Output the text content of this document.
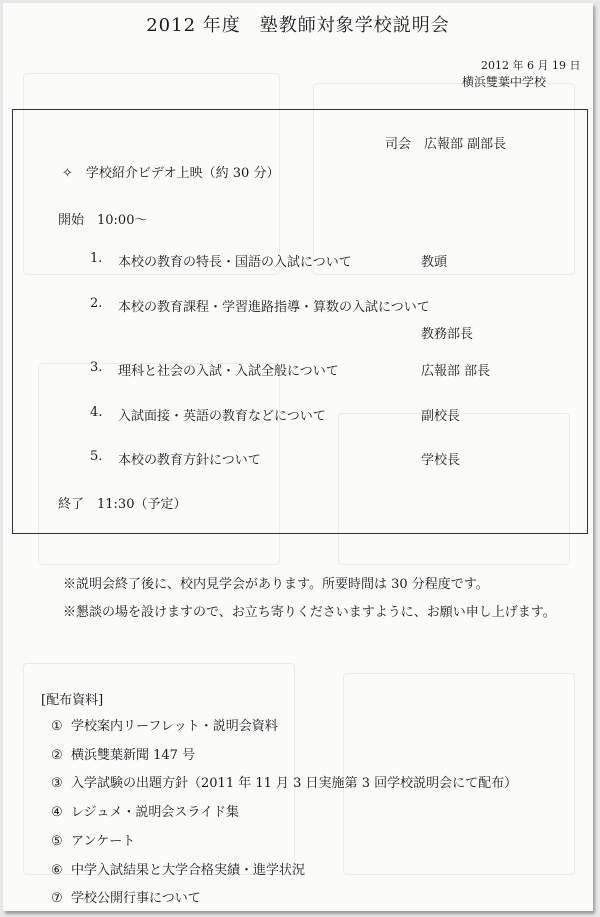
2012 年度　塾教師対象学校説明会
2012 年 6 月 19 日
横浜雙葉中学校
司会　広報部 副部長
✧　学校紹介ビデオ上映（約 30 分）
開始　10:00～
1. 本校の教育の特長・国語の入試について	教頭
2. 本校の教育課程・学習進路指導・算数の入試について
教務部長
3. 理科と社会の入試・入試全般について	広報部 部長
4. 入試面接・英語の教育などについて	副校長
5. 本校の教育方針について	学校長
終了　11:30（予定）
※説明会終了後に、校内見学会があります。所要時間は 30 分程度です。
※懇談の場を設けますので、お立ち寄りくださいますように、お願い申し上げます。
[配布資料]
① 学校案内リーフレット・説明会資料
② 横浜雙葉新聞 147 号
③ 入学試験の出題方針（2011 年 11 月 3 日実施第 3 回学校説明会にて配布）
④ レジュメ・説明会スライド集
⑤ アンケート
⑥ 中学入試結果と大学合格実績・進学状況
⑦ 学校公開行事について
